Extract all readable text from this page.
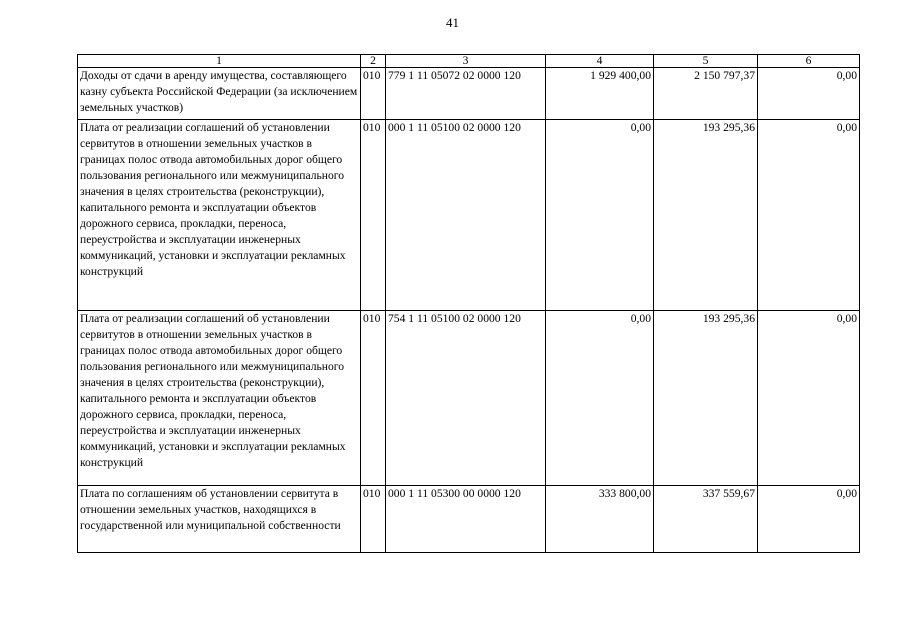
41
1	2	3	4	5	6
Доходы от сдачи в аренду имущества, составляющего казну субъекта Российской Федерации (за исключением земельных участков)	010	779 1 11 05072 02 0000 120	1 929 400,00	2 150 797,37	0,00
Плата от реализации соглашений об установлении сервитутов в отношении земельных участков в границах полос отвода автомобильных дорог общего пользования регионального или межмуниципального значения в целях строительства (реконструкции), капитального ремонта и эксплуатации объектов дорожного сервиса, прокладки, переноса, переустройства и эксплуатации инженерных коммуникаций, установки и эксплуатации рекламных конструкций	010	000 1 11 05100 02 0000 120	0,00	193 295,36	0,00
Плата от реализации соглашений об установлении сервитутов в отношении земельных участков в границах полос отвода автомобильных дорог общего пользования регионального или межмуниципального значения в целях строительства (реконструкции), капитального ремонта и эксплуатации объектов дорожного сервиса, прокладки, переноса, переустройства и эксплуатации инженерных коммуникаций, установки и эксплуатации рекламных конструкций	010	754 1 11 05100 02 0000 120	0,00	193 295,36	0,00
Плата по соглашениям об установлении сервитута в отношении земельных участков, находящихся в государственной или муниципальной собственности	010	000 1 11 05300 00 0000 120	333 800,00	337 559,67	0,00
